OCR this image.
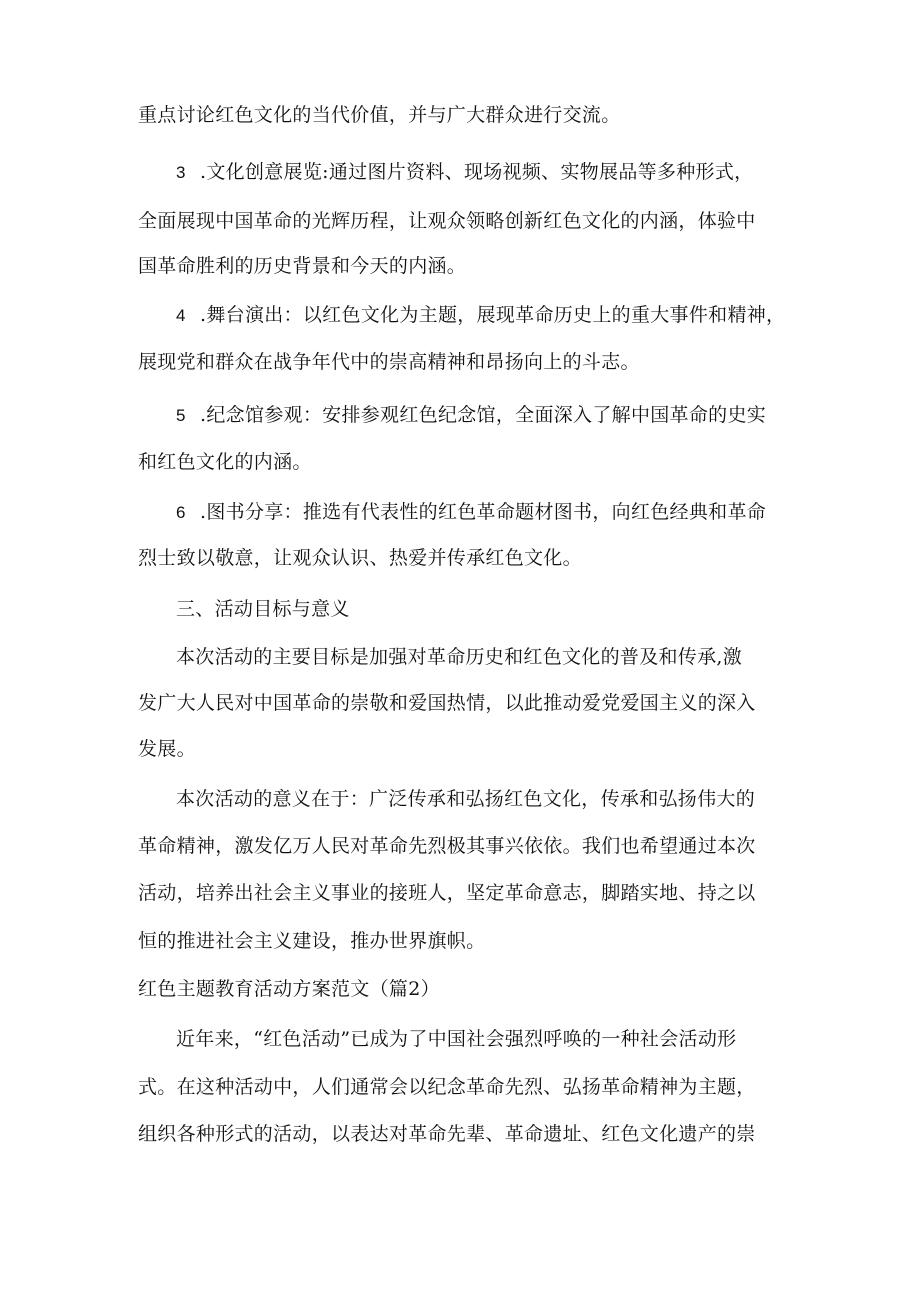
重点讨论红色文化的当代价值，并与广大群众进行交流。
3 .文化创意展览:通过图片资料、现场视频、实物展品等多种形式，
全面展现中国革命的光辉历程，让观众领略创新红色文化的内涵，体验中
国革命胜利的历史背景和今天的内涵。
4 .舞台演出：以红色文化为主题，展现革命历史上的重大事件和精神，
展现党和群众在战争年代中的崇高精神和昂扬向上的斗志。
5 .纪念馆参观：安排参观红色纪念馆，全面深入了解中国革命的史实
和红色文化的内涵。
6 .图书分享：推选有代表性的红色革命题材图书，向红色经典和革命
烈士致以敬意，让观众认识、热爱并传承红色文化。
三、活动目标与意义
本次活动的主要目标是加强对革命历史和红色文化的普及和传承,激
发广大人民对中国革命的崇敬和爱国热情，以此推动爱党爱国主义的深入
发展。
本次活动的意义在于：广泛传承和弘扬红色文化，传承和弘扬伟大的
革命精神，激发亿万人民对革命先烈极其事兴依依。我们也希望通过本次
活动，培养出社会主义事业的接班人，坚定革命意志，脚踏实地、持之以
恒的推进社会主义建设，推办世界旗帜。
红色主题教育活动方案范文（篇2）
近年来，“红色活动”已成为了中国社会强烈呼唤的一种社会活动形
式。在这种活动中，人们通常会以纪念革命先烈、弘扬革命精神为主题，
组织各种形式的活动，以表达对革命先辈、革命遗址、红色文化遗产的崇
